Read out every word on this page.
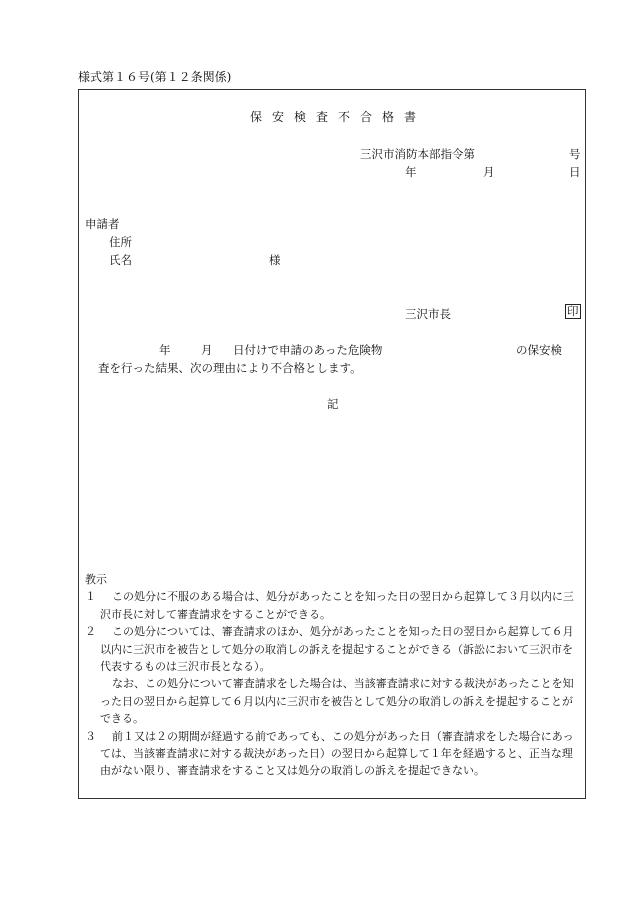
様式第１６号(第１２条関係)
保安検査不合格書
三沢市消防本部指令第	号
年	月	日
申請者
住所
氏名	様
三沢市長	印
年	月 日付けで申請のあった危険物	の保安検
査を行った結果、次の理由により不合格とします。
記
教示
１	この処分に不服のある場合は、処分があったことを知った日の翌日から起算して３月以内に三沢市長に対して審査請求をすることができる。
２	この処分については、審査請求のほか、処分があったことを知った日の翌日から起算して６月以内に三沢市を被告として処分の取消しの訴えを提起することができる（訴訟において三沢市を代表するものは三沢市長となる）。
なお、この処分について審査請求をした場合は、当該審査請求に対する裁決があったことを知った日の翌日から起算して６月以内に三沢市を被告として処分の取消しの訴えを提起することができる。
３	前１又は２の期間が経過する前であっても、この処分があった日（審査請求をした場合にあっては、当該審査請求に対する裁決があった日）の翌日から起算して１年を経過すると、正当な理由がない限り、審査請求をすること又は処分の取消しの訴えを提起できない。
